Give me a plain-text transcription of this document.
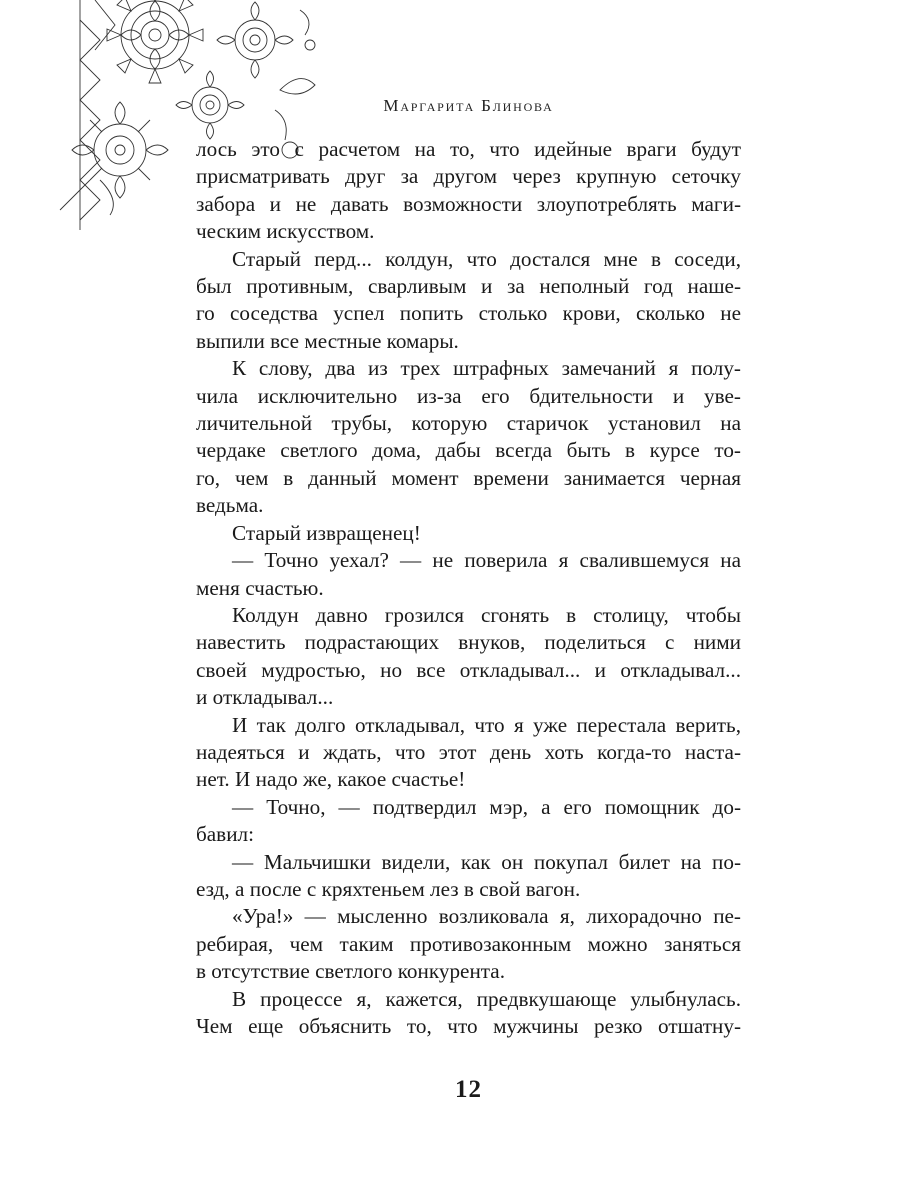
Маргарита Блинова

лось это с расчетом на то, что идейные враги будут

присматривать друг за другом через крупную сеточку

забора и не давать возможности злоупотреблять маги-

ческим искусством.

Старый перд... колдун, что достался мне в соседи,

был противным, сварливым и за неполный год наше-

го соседства успел попить столько крови, сколько не

выпили все местные комары.

К слову, два из трех штрафных замечаний я полу-

чила исключительно из-за его бдительности и уве-

личительной трубы, которую старичок установил на

чердаке светлого дома, дабы всегда быть в курсе то-

го, чем в данный момент времени занимается черная

ведьма.

Старый извращенец!

— Точно уехал? — не поверила я свалившемуся на

меня счастью.

Колдун давно грозился сгонять в столицу, чтобы

навестить подрастающих внуков, поделиться с ними

своей мудростью, но все откладывал... и откладывал...

и откладывал...

И так долго откладывал, что я уже перестала верить,

надеяться и ждать, что этот день хоть когда-то наста-

нет. И надо же, какое счастье!

— Точно, — подтвердил мэр, а его помощник до-

бавил:

— Мальчишки видели, как он покупал билет на по-

езд, а после с кряхтеньем лез в свой вагон.

«Ура!» — мысленно возликовала я, лихорадочно пе-

ребирая, чем таким противозаконным можно заняться

в отсутствие светлого конкурента.

В процессе я, кажется, предвкушающе улыбнулась.

Чем еще объяснить то, что мужчины резко отшатну-

12
